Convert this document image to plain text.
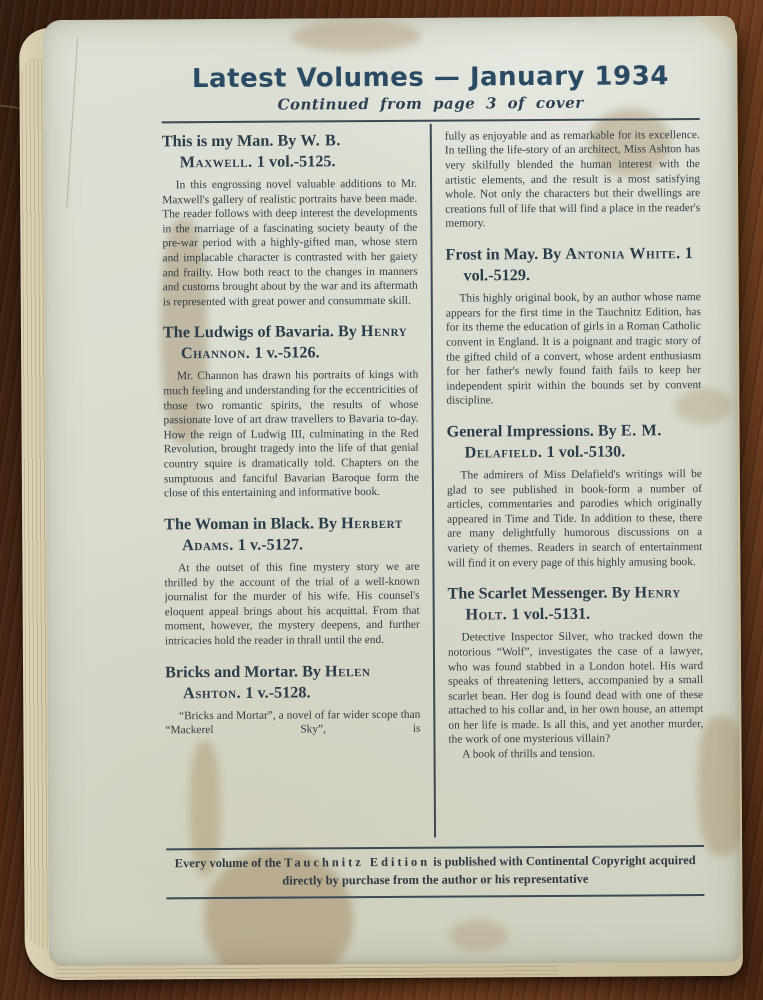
Latest Volumes — January 1934
Continued from page 3 of cover
This is my Man. By W. B. Maxwell. 1 vol.-5125.

In this engrossing novel valuable additions to Mr. Maxwell's gallery of realistic portraits have been made. The reader follows with deep interest the developments in the marriage of a fascinating society beauty of the pre-war period with a highly-gifted man, whose stern and implacable character is contrasted with her gaiety and frailty. How both react to the changes in manners and customs brought about by the war and its aftermath is represented with great power and consummate skill.

The Ludwigs of Bavaria. By Henry Channon. 1 v.-5126.

Mr. Channon has drawn his portraits of kings with much feeling and understanding for the eccentricities of those two romantic spirits, the results of whose passionate love of art draw travellers to Bavaria to-day. How the reign of Ludwig III, culminating in the Red Revolution, brought tragedy into the life of that genial country squire is dramatically told. Chapters on the sumptuous and fanciful Bavarian Baroque form the close of this entertaining and informative book.

The Woman in Black. By Herbert Adams. 1 v.-5127.

At the outset of this fine mystery story we are thrilled by the account of the trial of a well-known journalist for the murder of his wife. His counsel's eloquent appeal brings about his acquittal. From that moment, however, the mystery deepens, and further intricacies hold the reader in thrall until the end.

Bricks and Mortar. By Helen Ashton. 1 v.-5128.

“Bricks and Mortar”, a novel of far wider scope than “Mackerel Sky”, is

fully as enjoyable and as remarkable for its excellence. In telling the life-story of an architect, Miss Ashton has very skilfully blended the human interest with the artistic elements, and the result is a most satisfying whole. Not only the characters but their dwellings are creations full of life that will find a place in the reader's memory.

Frost in May. By Antonia White. 1 vol.-5129.

This highly original book, by an author whose name appears for the first time in the Tauchnitz Edition, has for its theme the education of girls in a Roman Catholic convent in England. It is a poignant and tragic story of the gifted child of a convert, whose ardent enthusiasm for her father's newly found faith fails to keep her independent spirit within the bounds set by convent discipline.

General Impressions. By E. M. Delafield. 1 vol.-5130.

The admirers of Miss Delafield's writings will be glad to see published in book-form a number of articles, commentaries and parodies which originally appeared in Time and Tide. In addition to these, there are many delightfully humorous discussions on a variety of themes. Readers in search of entertainment will find it on every page of this highly amusing book.

The Scarlet Messenger. By Henry Holt. 1 vol.-5131.

Detective Inspector Silver, who tracked down the notorious “Wolf”, investigates the case of a lawyer, who was found stabbed in a London hotel. His ward speaks of threatening letters, accompanied by a small scarlet bean. Her dog is found dead with one of these attached to his collar and, in her own house, an attempt on her life is made. Is all this, and yet another murder, the work of one mysterious villain?

A book of thrills and tension.

Every volume of the Tauchnitz Edition is published with Continental Copyright acquired directly by purchase from the author or his representative
